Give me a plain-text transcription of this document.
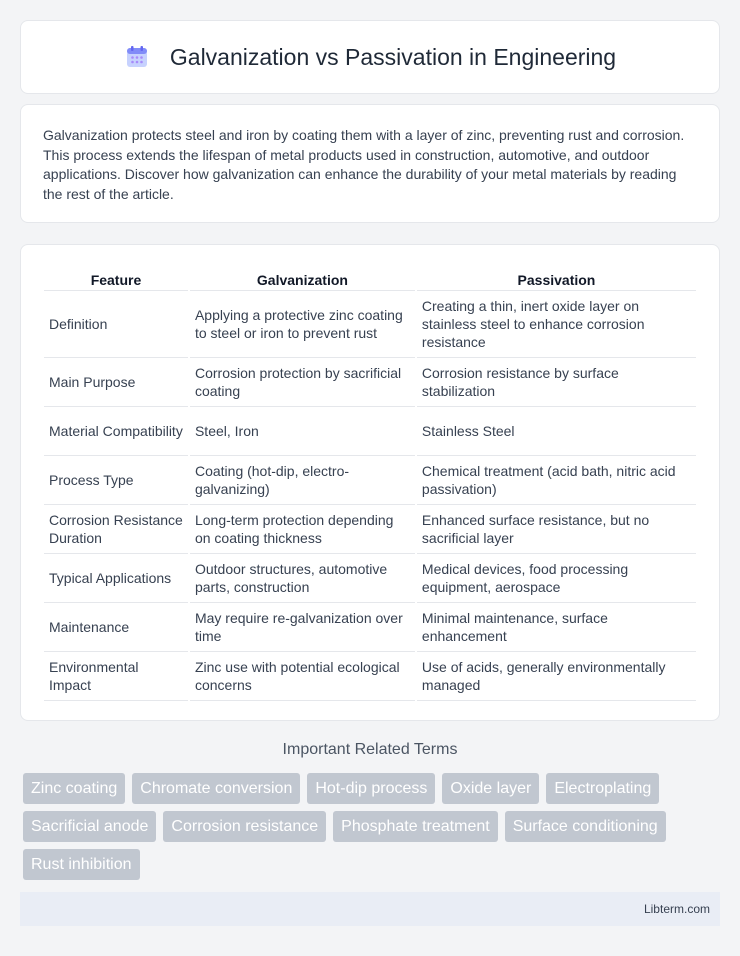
Galvanization vs Passivation in Engineering

Galvanization protects steel and iron by coating them with a layer of zinc, preventing rust and corrosion. This process extends the lifespan of metal products used in construction, automotive, and outdoor applications. Discover how galvanization can enhance the durability of your metal materials by reading the rest of the article.

Feature	Galvanization	Passivation
Definition	Applying a protective zinc coating to steel or iron to prevent rust	Creating a thin, inert oxide layer on stainless steel to enhance corrosion resistance
Main Purpose	Corrosion protection by sacrificial coating	Corrosion resistance by surface stabilization
Material Compatibility	Steel, Iron	Stainless Steel
Process Type	Coating (hot-dip, electro-galvanizing)	Chemical treatment (acid bath, nitric acid passivation)
Corrosion Resistance Duration	Long-term protection depending on coating thickness	Enhanced surface resistance, but no sacrificial layer
Typical Applications	Outdoor structures, automotive parts, construction	Medical devices, food processing equipment, aerospace
Maintenance	May require re-galvanization over time	Minimal maintenance, surface enhancement
Environmental Impact	Zinc use with potential ecological concerns	Use of acids, generally environmentally managed
Important Related Terms
Zinc coating	Chromate conversion	Hot-dip process	Oxide layer	Electroplating
Sacrificial anode	Corrosion resistance	Phosphate treatment	Surface conditioning
Rust inhibition
Libterm.com
